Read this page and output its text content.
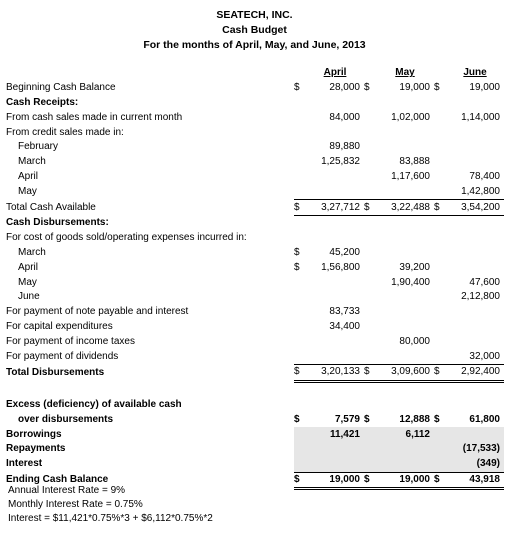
SEATECH, INC.
Cash Budget
For the months of April, May, and June, 2013
		April		May		June
Beginning Cash Balance	$	28,000	$	19,000	$	19,000
Cash Receipts:						
From cash sales made in current month		84,000		1,02,000		1,14,000
From credit sales made in:						
February		89,880				
March		1,25,832		83,888		
April				1,17,600		78,400
May						1,42,800
Total Cash Available	$	3,27,712	$	3,22,488	$	3,54,200
Cash Disbursements:						
For cost of goods sold/operating expenses incurred in:						
March	$	45,200				
April	$	1,56,800		39,200		
May				1,90,400		47,600
June						2,12,800
For payment of note payable and interest		83,733				
For capital expenditures		34,400				
For payment of income taxes				80,000		
For payment of dividends						32,000
Total Disbursements	$	3,20,133	$	3,09,600	$	2,92,400

Excess (deficiency) of available cash						
over disbursements	$	7,579	$	12,888	$	61,800
Borrowings		11,421		6,112		
Repayments						(17,533)
Interest						(349)
Ending Cash Balance	$	19,000	$	19,000	$	43,918
Annual Interest Rate = 9%
Monthly Interest Rate = 0.75%
Interest = $11,421*0.75%*3 + $6,112*0.75%*2
